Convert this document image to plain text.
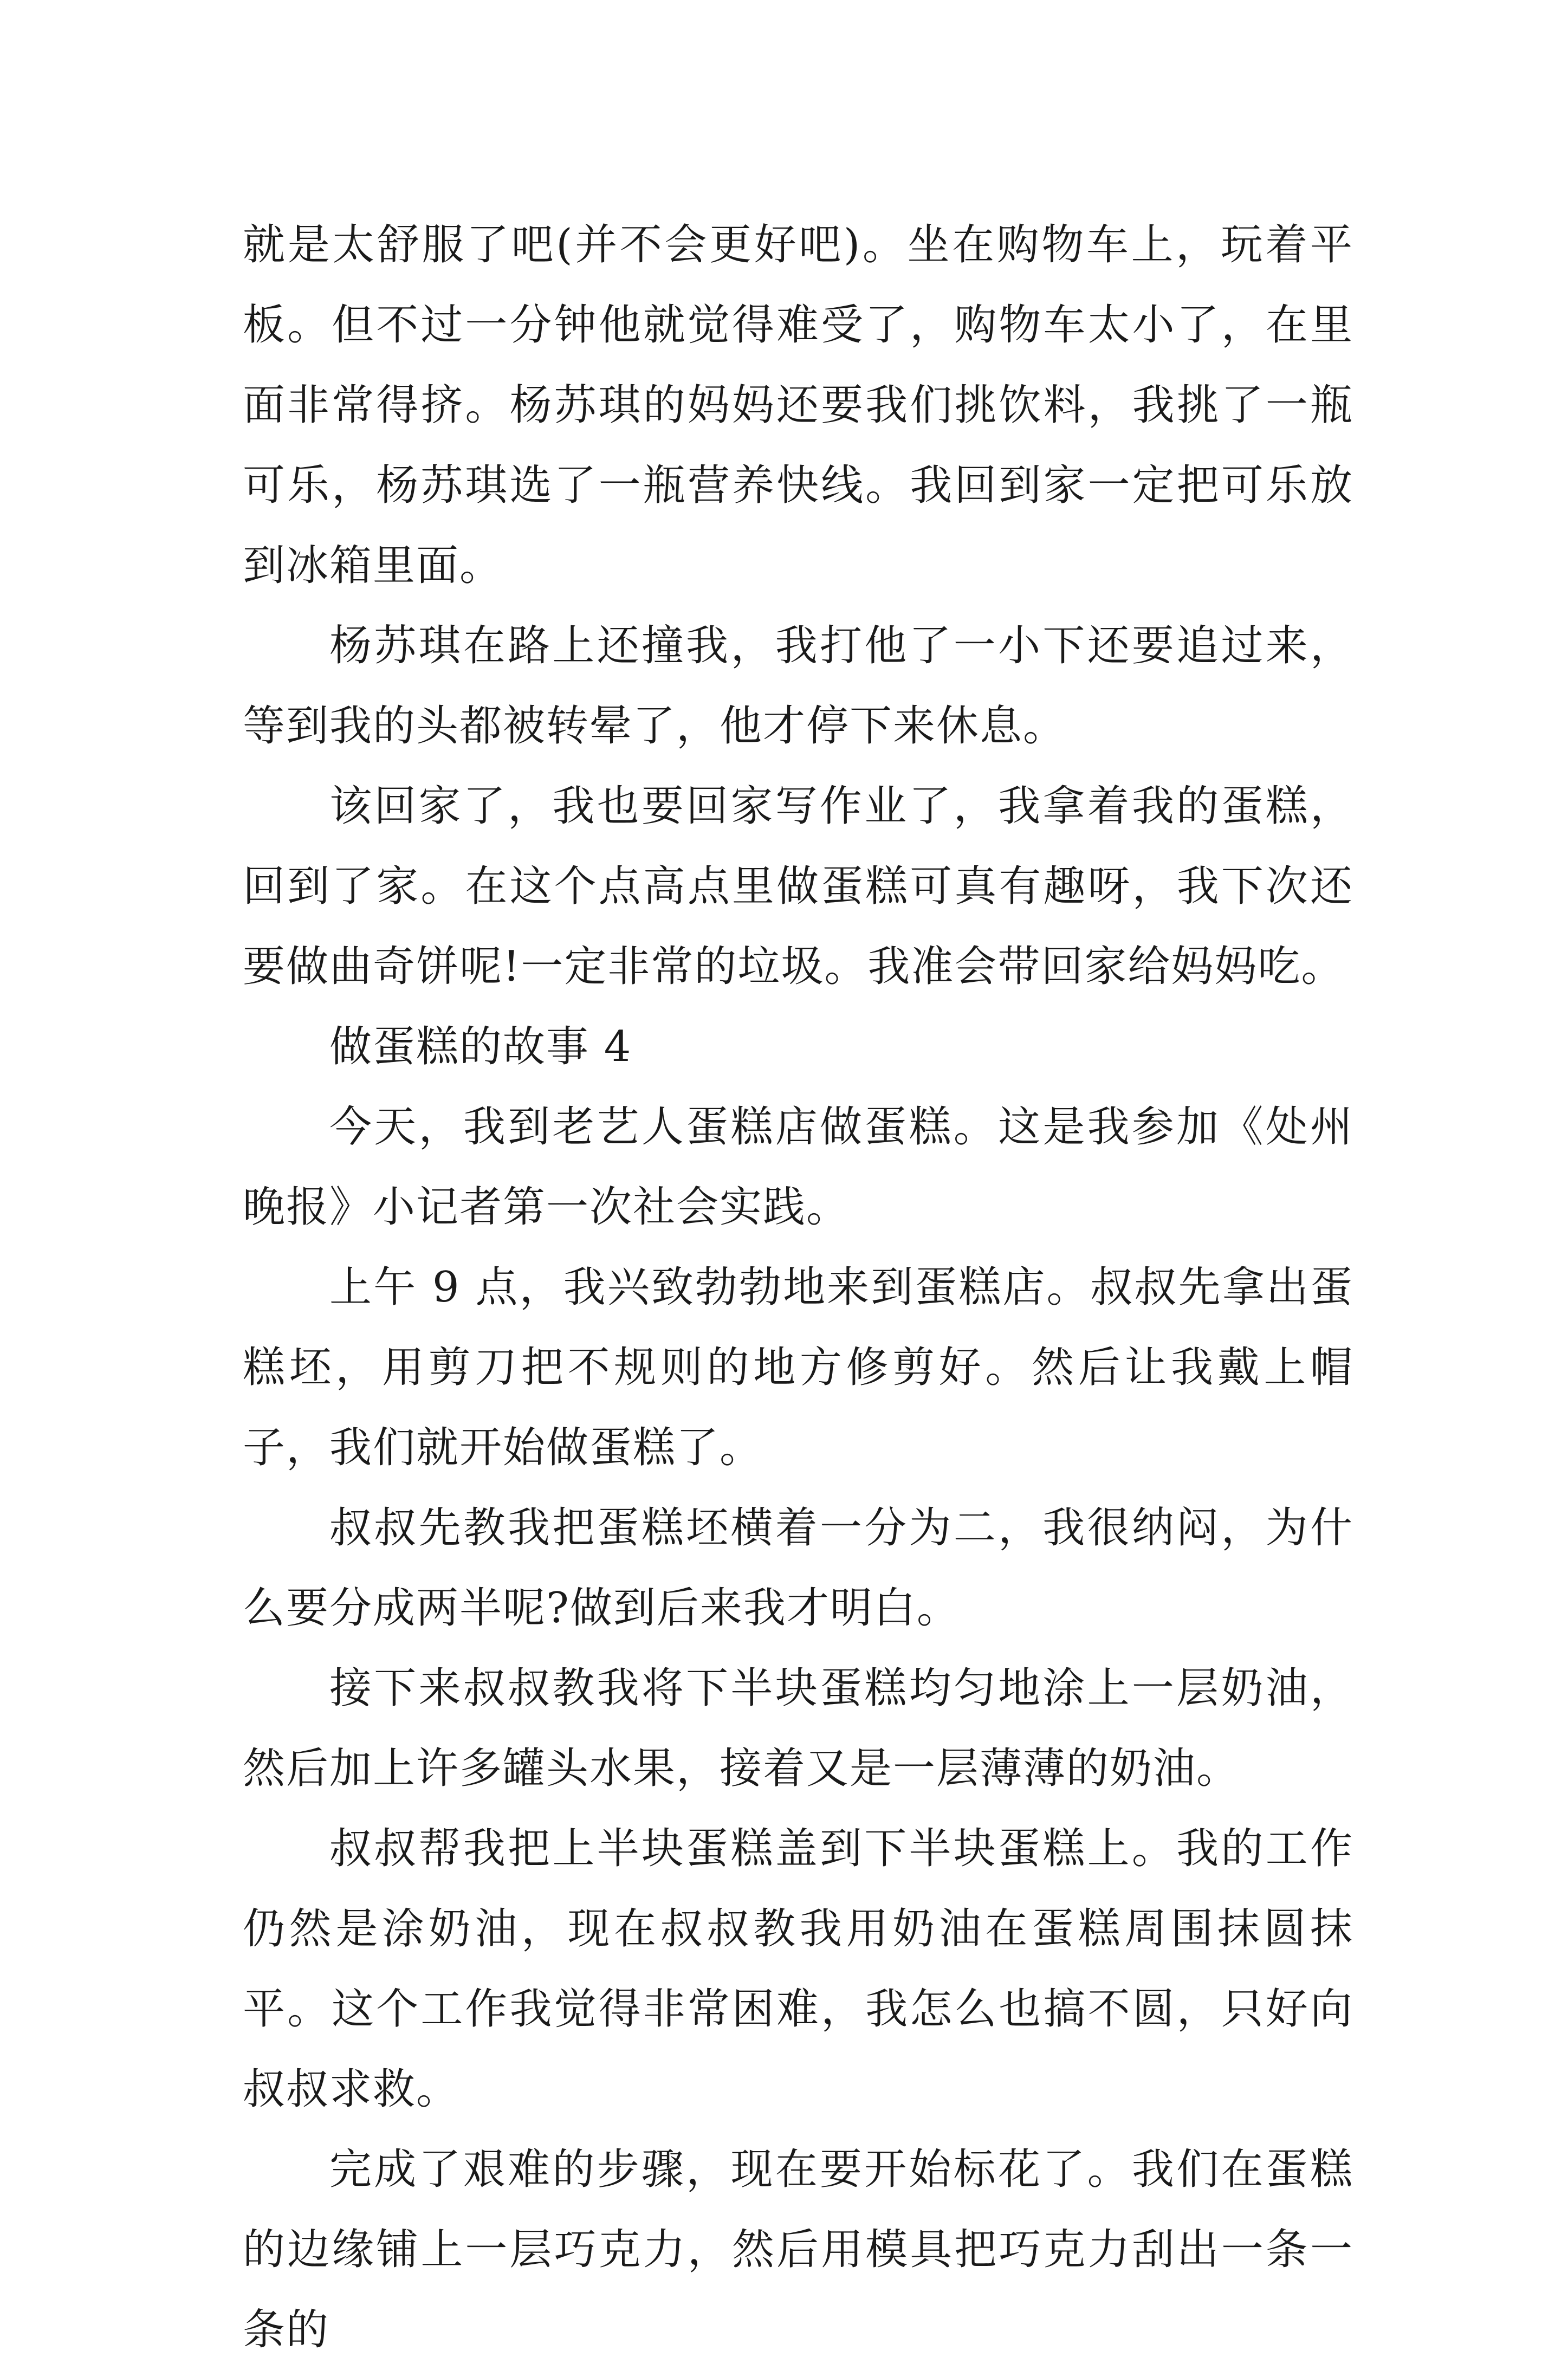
就是太舒服了吧(并不会更好吧)。坐在购物车上，玩着平板。但不过一分钟他就觉得难受了，购物车太小了，在里面非常得挤。杨苏琪的妈妈还要我们挑饮料，我挑了一瓶可乐，杨苏琪选了一瓶营养快线。我回到家一定把可乐放到冰箱里面。

杨苏琪在路上还撞我，我打他了一小下还要追过来，等到我的头都被转晕了，他才停下来休息。

该回家了，我也要回家写作业了，我拿着我的蛋糕，回到了家。在这个点高点里做蛋糕可真有趣呀，我下次还要做曲奇饼呢!一定非常的垃圾。我准会带回家给妈妈吃。

做蛋糕的故事 4

今天，我到老艺人蛋糕店做蛋糕。这是我参加《处州晚报》小记者第一次社会实践。

上午 9 点，我兴致勃勃地来到蛋糕店。叔叔先拿出蛋糕坯，用剪刀把不规则的地方修剪好。然后让我戴上帽子，我们就开始做蛋糕了。

叔叔先教我把蛋糕坯横着一分为二，我很纳闷，为什么要分成两半呢?做到后来我才明白。

接下来叔叔教我将下半块蛋糕均匀地涂上一层奶油，然后加上许多罐头水果，接着又是一层薄薄的奶油。

叔叔帮我把上半块蛋糕盖到下半块蛋糕上。我的工作仍然是涂奶油，现在叔叔教我用奶油在蛋糕周围抹圆抹平。这个工作我觉得非常困难，我怎么也搞不圆，只好向叔叔求救。

完成了艰难的步骤，现在要开始标花了。我们在蛋糕的边缘铺上一层巧克力，然后用模具把巧克力刮出一条一条的
